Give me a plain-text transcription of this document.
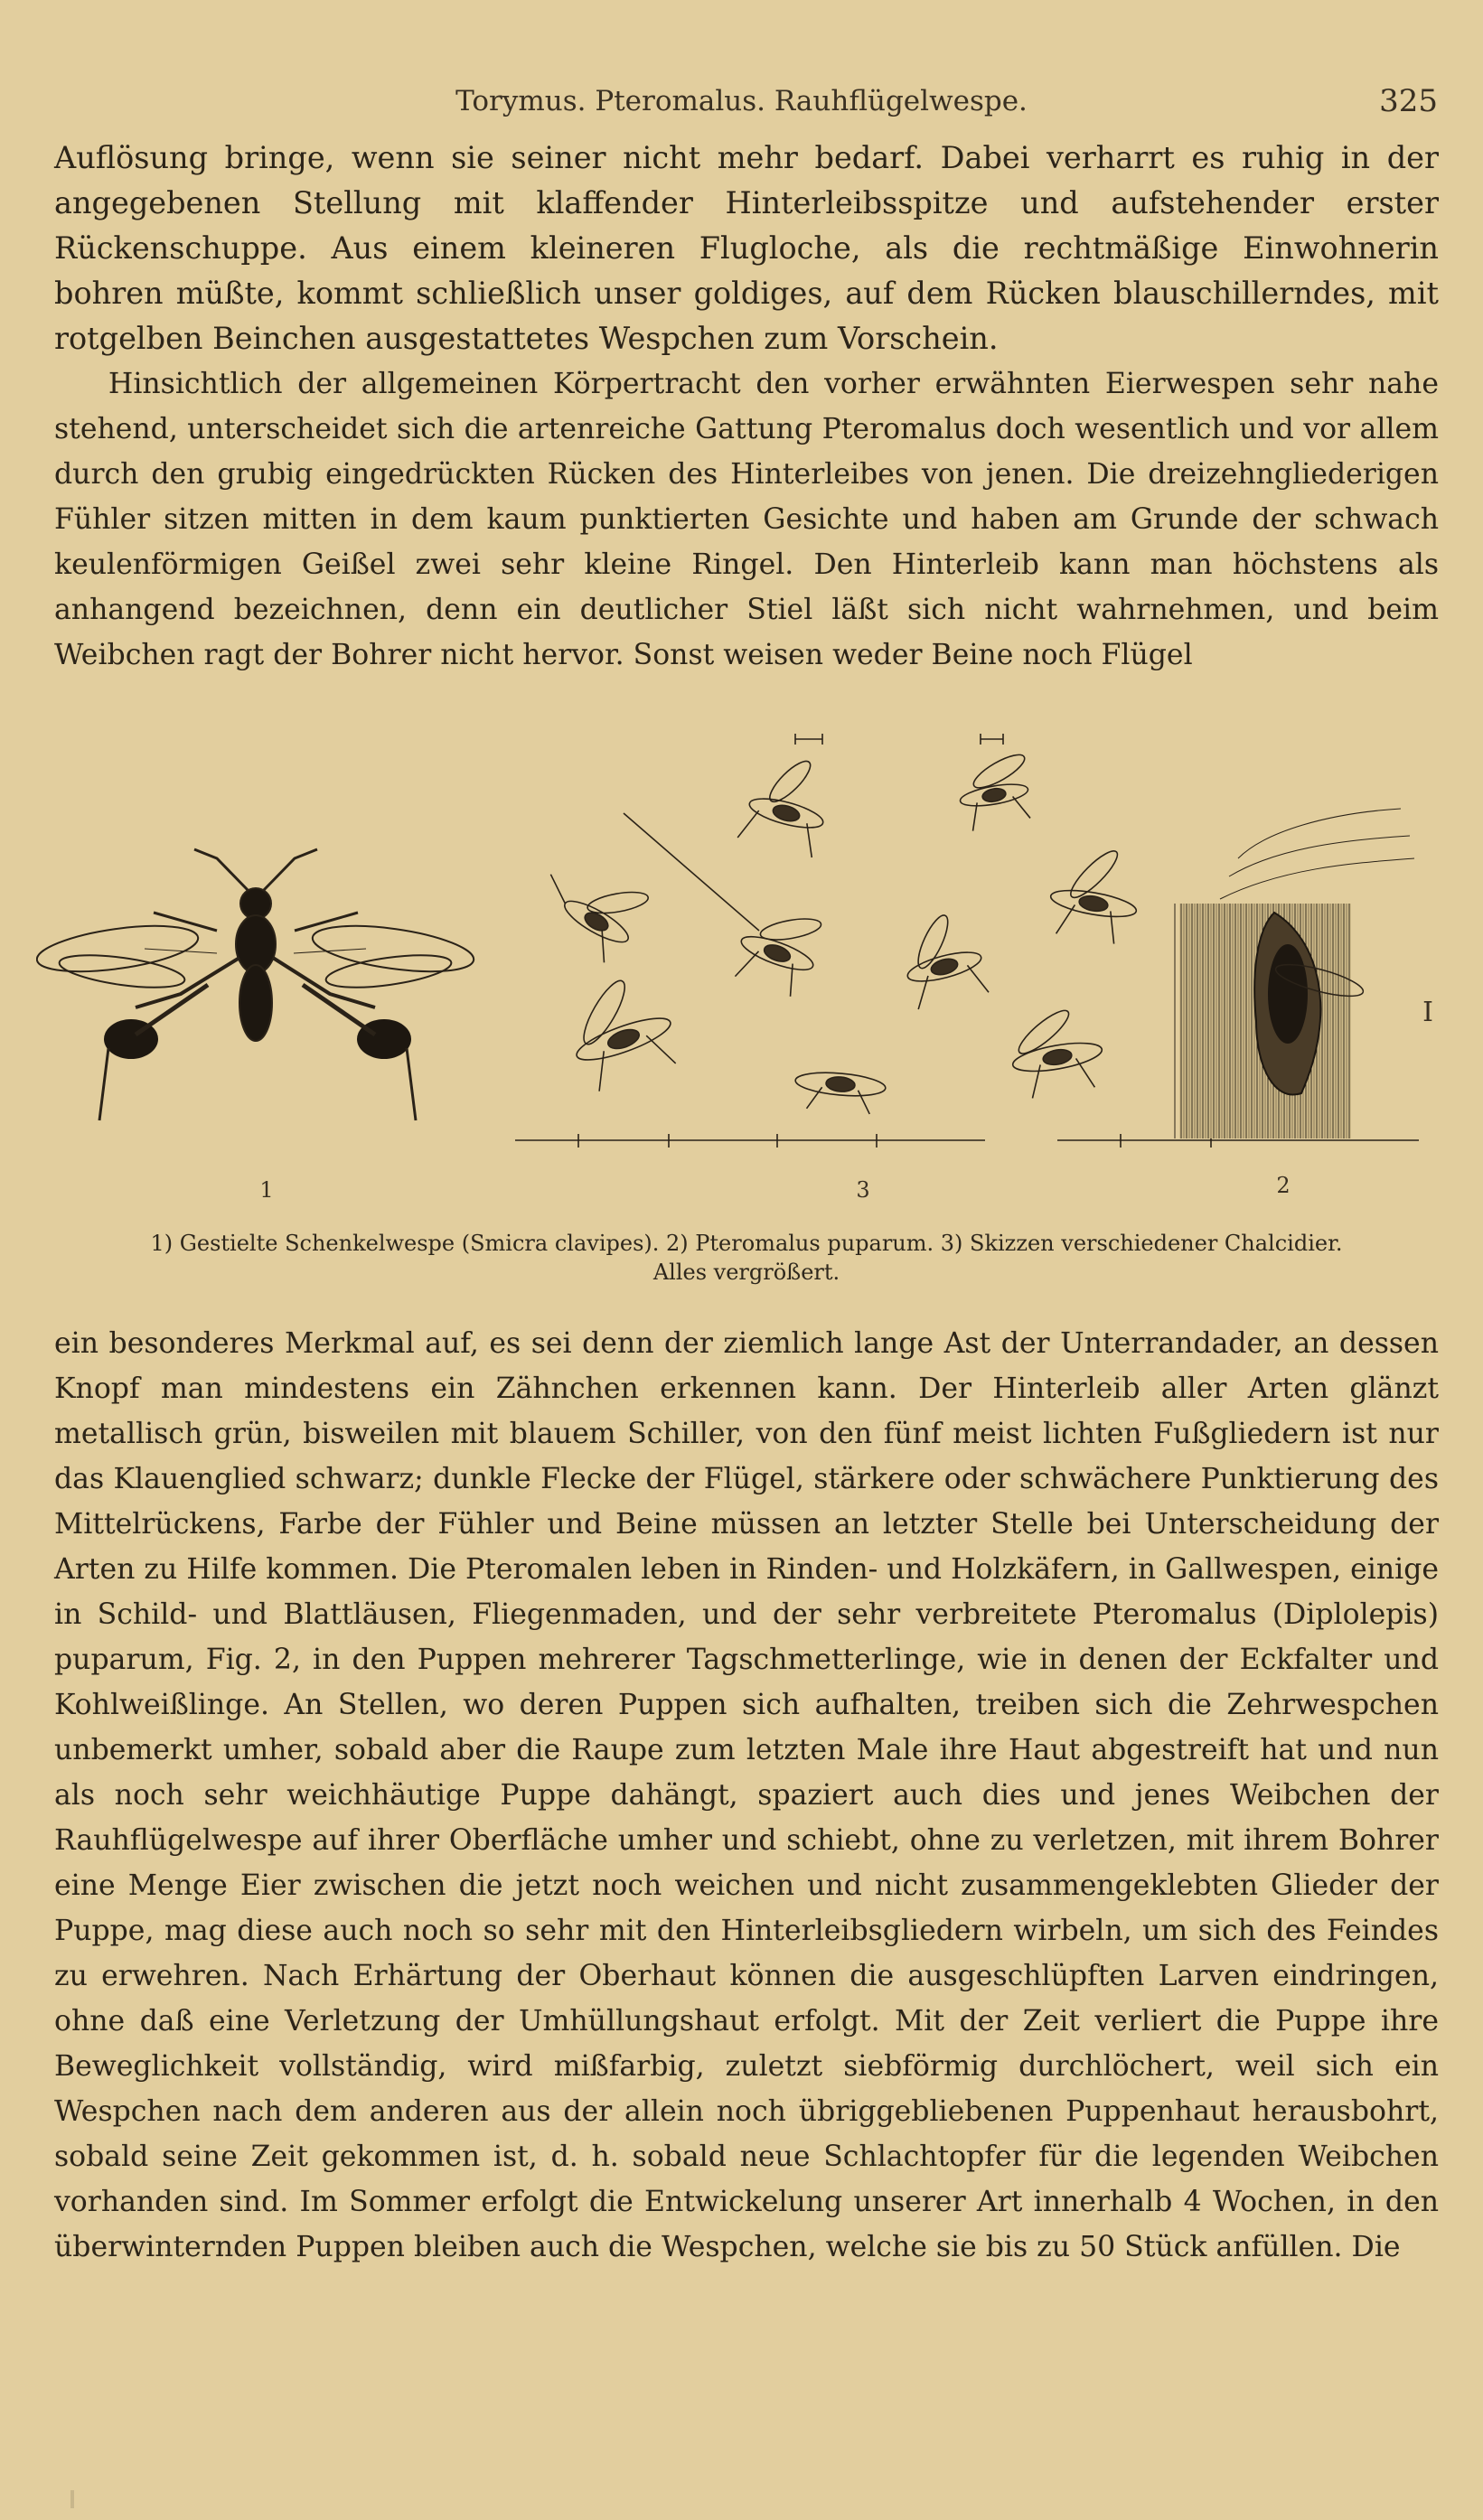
Torymus. Pteromalus. Rauhflügelwespe.	325

Auflösung bringe, wenn sie seiner nicht mehr bedarf. Dabei verharrt es ruhig in der angegebenen Stellung mit klaffender Hinterleibsspitze und aufstehender erster Rückenschuppe. Aus einem kleineren Flugloche, als die rechtmäßige Einwohnerin bohren müßte, kommt schließlich unser goldiges, auf dem Rücken blauschillerndes, mit rotgelben Beinchen ausgestattetes Wespchen zum Vorschein.

Hinsichtlich der allgemeinen Körpertracht den vorher erwähnten Eierwespen sehr nahe stehend, unterscheidet sich die artenreiche Gattung Pteromalus doch wesentlich und vor allem durch den grubig eingedrückten Rücken des Hinterleibes von jenen. Die dreizehngliederigen Fühler sitzen mitten in dem kaum punktierten Gesichte und haben am Grunde der schwach keulenförmigen Geißel zwei sehr kleine Ringel. Den Hinterleib kann man höchstens als anhangend bezeichnen, denn ein deutlicher Stiel läßt sich nicht wahrnehmen, und beim Weibchen ragt der Bohrer nicht hervor. Sonst weisen weder Beine noch Flügel

1	3	2
I
1) Gestielte Schenkelwespe (Smicra clavipes). 2) Pteromalus puparum. 3) Skizzen verschiedener Chalcidier.
Alles vergrößert.

ein besonderes Merkmal auf, es sei denn der ziemlich lange Ast der Unterrandader, an dessen Knopf man mindestens ein Zähnchen erkennen kann. Der Hinterleib aller Arten glänzt metallisch grün, bisweilen mit blauem Schiller, von den fünf meist lichten Fußgliedern ist nur das Klauenglied schwarz; dunkle Flecke der Flügel, stärkere oder schwächere Punktierung des Mittelrückens, Farbe der Fühler und Beine müssen an letzter Stelle bei Unterscheidung der Arten zu Hilfe kommen. Die Pteromalen leben in Rinden- und Holzkäfern, in Gallwespen, einige in Schild- und Blattläusen, Fliegenmaden, und der sehr verbreitete Pteromalus (Diplolepis) puparum, Fig. 2, in den Puppen mehrerer Tagschmetterlinge, wie in denen der Eckfalter und Kohlweißlinge. An Stellen, wo deren Puppen sich aufhalten, treiben sich die Zehrwespchen unbemerkt umher, sobald aber die Raupe zum letzten Male ihre Haut abgestreift hat und nun als noch sehr weichhäutige Puppe dahängt, spaziert auch dies und jenes Weibchen der Rauhflügelwespe auf ihrer Oberfläche umher und schiebt, ohne zu verletzen, mit ihrem Bohrer eine Menge Eier zwischen die jetzt noch weichen und nicht zusammengeklebten Glieder der Puppe, mag diese auch noch so sehr mit den Hinterleibsgliedern wirbeln, um sich des Feindes zu erwehren. Nach Erhärtung der Oberhaut können die ausgeschlüpften Larven eindringen, ohne daß eine Verletzung der Umhüllungshaut erfolgt. Mit der Zeit verliert die Puppe ihre Beweglichkeit vollständig, wird mißfarbig, zuletzt siebförmig durchlöchert, weil sich ein Wespchen nach dem anderen aus der allein noch übriggebliebenen Puppenhaut herausbohrt, sobald seine Zeit gekommen ist, d. h. sobald neue Schlachtopfer für die legenden Weibchen vorhanden sind. Im Sommer erfolgt die Entwickelung unserer Art innerhalb 4 Wochen, in den überwinternden Puppen bleiben auch die Wespchen, welche sie bis zu 50 Stück anfüllen. Die
